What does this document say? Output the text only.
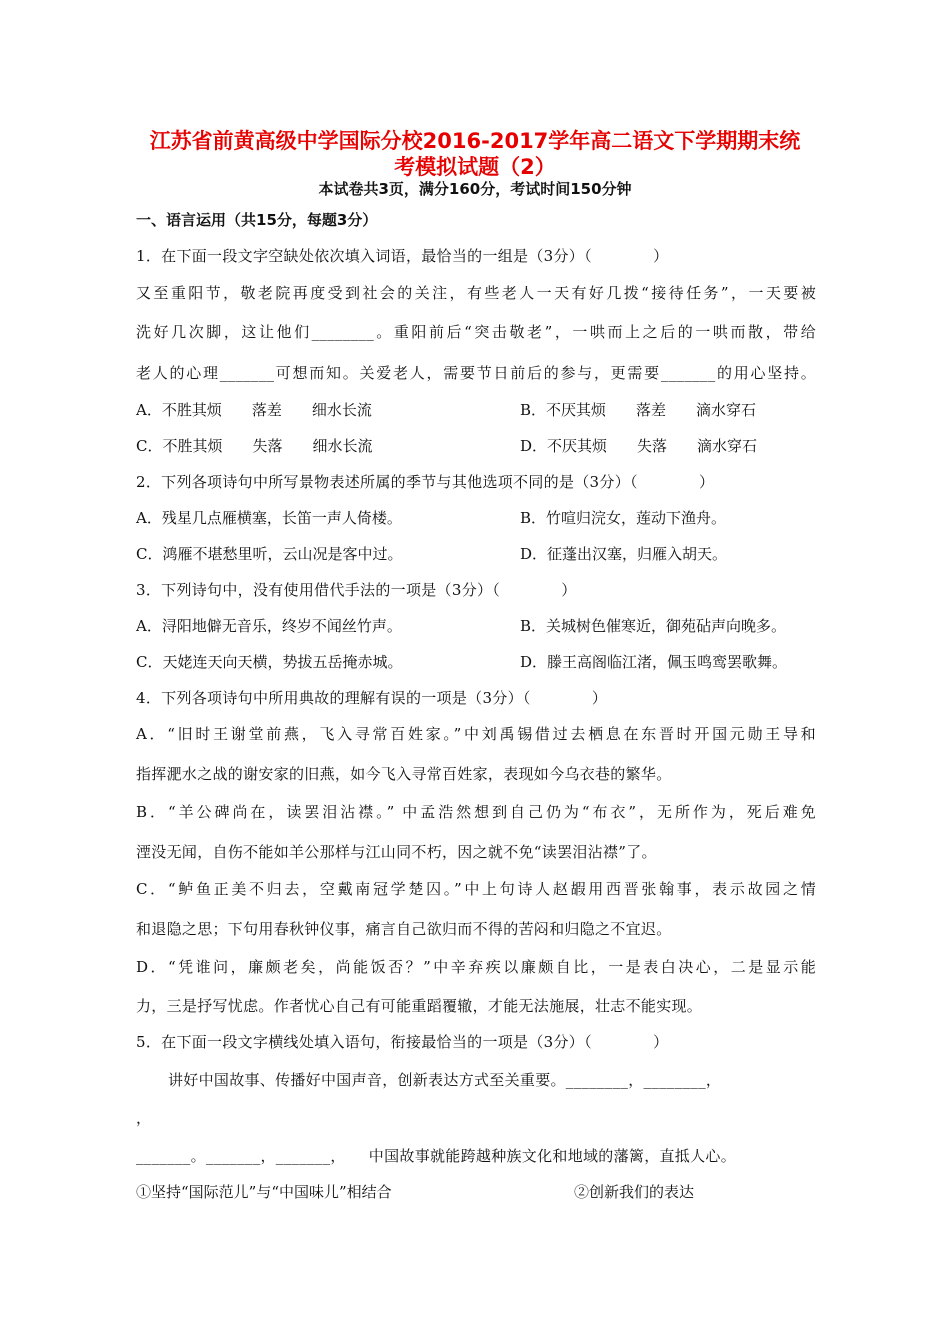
江苏省前黄高级中学国际分校2016-2017学年高二语文下学期期末统
考模拟试题（2）
本试卷共3页，满分160分，考试时间150分钟
一、语言运用（共15分，每题3分）
1．在下面一段文字空缺处依次填入词语，最恰当的一组是（3分）（　　　　）
又至重阳节，敬老院再度受到社会的关注，有些老人一天有好几拨“接待任务”，一天要被
洗好几次脚，这让他们________。重阳前后“突击敬老”，一哄而上之后的一哄而散，带给
老人的心理_______可想而知。关爱老人，需要节日前后的参与，更需要_______的用心坚持。
A．不胜其烦　　落差　　细水长流	B．不厌其烦　　落差　　滴水穿石
C．不胜其烦　　失落　　细水长流	D．不厌其烦　　失落　　滴水穿石
2．下列各项诗句中所写景物表述所属的季节与其他选项不同的是（3分）（　　　　）
A．残星几点雁横塞，长笛一声人倚楼。	B．竹喧归浣女，莲动下渔舟。
C．鸿雁不堪愁里听，云山况是客中过。	D．征蓬出汉塞，归雁入胡天。
3．下列诗句中，没有使用借代手法的一项是（3分）（　　　　）
A．浔阳地僻无音乐，终岁不闻丝竹声。	B．关城树色催寒近，御苑砧声向晚多。
C．天姥连天向天横，势拔五岳掩赤城。	D．滕王高阁临江渚，佩玉鸣鸾罢歌舞。
4．下列各项诗句中所用典故的理解有误的一项是（3分）（　　　　）
A．“旧时王谢堂前燕，飞入寻常百姓家。”中刘禹锡借过去栖息在东晋时开国元勋王导和
指挥淝水之战的谢安家的旧燕，如今飞入寻常百姓家，表现如今乌衣巷的繁华。
B．“羊公碑尚在，读罢泪沾襟。” 中孟浩然想到自己仍为“布衣”，无所作为，死后难免
湮没无闻，自伤不能如羊公那样与江山同不朽，因之就不免“读罢泪沾襟”了。
C．“鲈鱼正美不归去，空戴南冠学楚囚。”中上句诗人赵嘏用西晋张翰事，表示故园之情
和退隐之思；下句用春秋钟仪事，痛言自己欲归而不得的苦闷和归隐之不宜迟。
D．“凭谁问，廉颇老矣，尚能饭否？”中辛弃疾以廉颇自比，一是表白决心，二是显示能
力，三是抒写忧虑。作者忧心自己有可能重蹈覆辙，才能无法施展，壮志不能实现。
5．在下面一段文字横线处填入语句，衔接最恰当的一项是（3分）（　　　　）
讲好中国故事、传播好中国声音，创新表达方式至关重要。________，________，
，
_______。_______，_______，　　中国故事就能跨越种族文化和地域的藩篱，直抵人心。
①坚持“国际范儿”与“中国味儿”相结合	②创新我们的表达
